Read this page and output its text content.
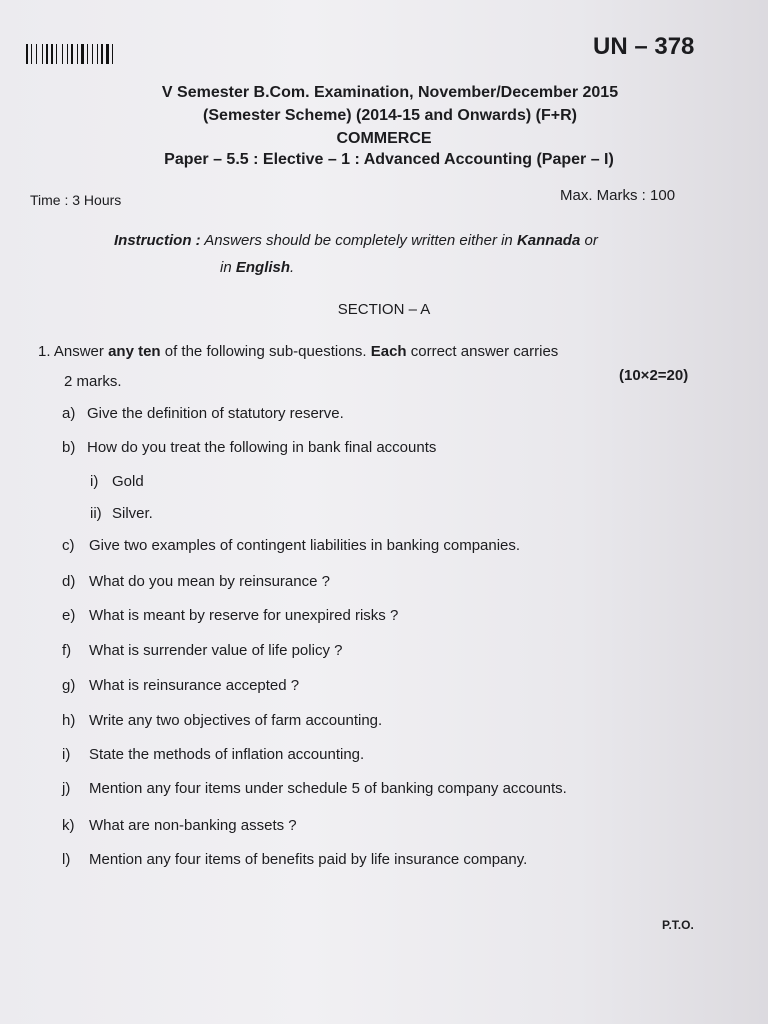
UN – 378
V Semester B.Com. Examination, November/December 2015
(Semester Scheme) (2014-15 and Onwards) (F+R)
COMMERCE
Paper – 5.5 : Elective – 1 : Advanced Accounting (Paper – I)
Time : 3 Hours	Max. Marks : 100
Instruction : Answers should be completely written either in Kannada or
in English.
SECTION – A
1. Answer any ten of the following sub-questions. Each correct answer carries
2 marks.	(10×2=20)
a) Give the definition of statutory reserve.
b) How do you treat the following in bank final accounts
i) Gold
ii) Silver.
c) Give two examples of contingent liabilities in banking companies.
d) What do you mean by reinsurance ?
e) What is meant by reserve for unexpired risks ?
f) What is surrender value of life policy ?
g) What is reinsurance accepted ?
h) Write any two objectives of farm accounting.
i) State the methods of inflation accounting.
j) Mention any four items under schedule 5 of banking company accounts.
k) What are non-banking assets ?
l) Mention any four items of benefits paid by life insurance company.
P.T.O.
